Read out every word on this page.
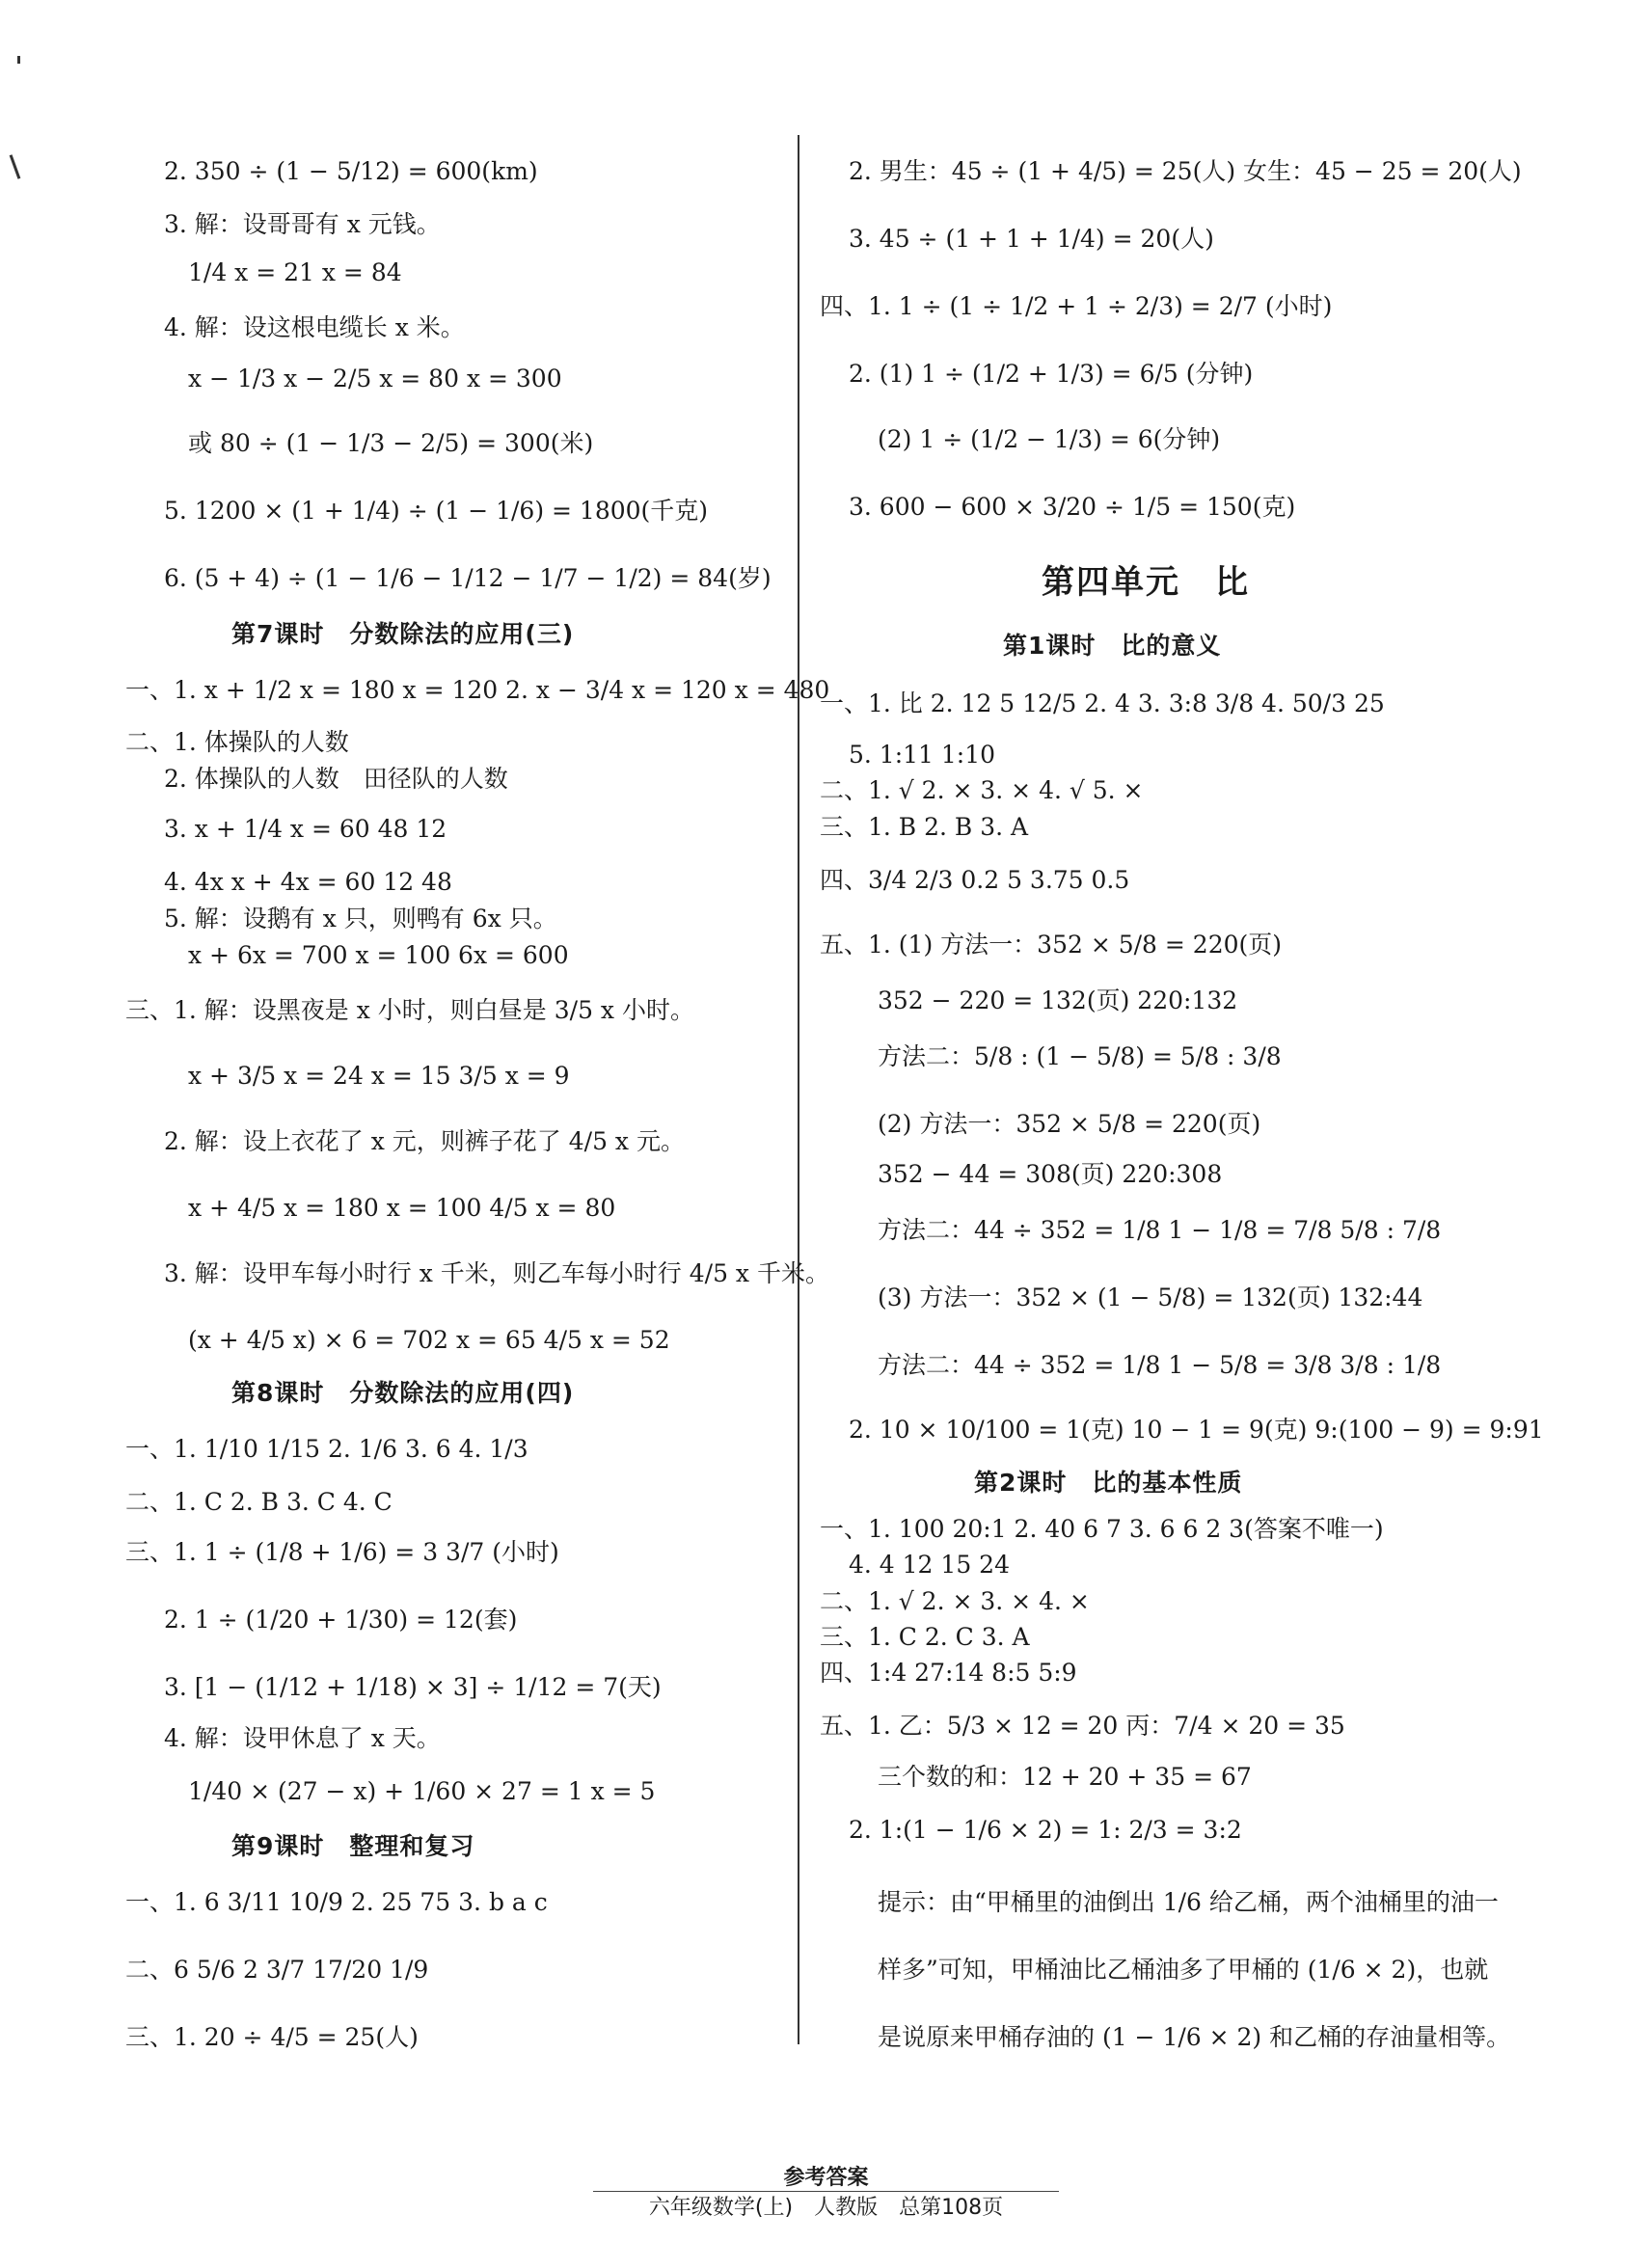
2. 350 ÷ (1 − 5/12) = 600(km)
3. 解：设哥哥有 x 元钱。
1/4 x = 21 x = 84
4. 解：设这根电缆长 x 米。
x − 1/3 x − 2/5 x = 80 x = 300
或 80 ÷ (1 − 1/3 − 2/5) = 300(米)
5. 1200 × (1 + 1/4) ÷ (1 − 1/6) = 1800(千克)
6. (5 + 4) ÷ (1 − 1/6 − 1/12 − 1/7 − 1/2) = 84(岁)
第7课时　分数除法的应用(三)
一、1. x + 1/2 x = 180 x = 120 2. x − 3/4 x = 120 x = 480
二、1. 体操队的人数
2. 体操队的人数　田径队的人数
3. x + 1/4 x = 60 48 12
4. 4x x + 4x = 60 12 48
5. 解：设鹅有 x 只，则鸭有 6x 只。
x + 6x = 700 x = 100 6x = 600
三、1. 解：设黑夜是 x 小时，则白昼是 3/5 x 小时。
x + 3/5 x = 24 x = 15 3/5 x = 9
2. 解：设上衣花了 x 元，则裤子花了 4/5 x 元。
x + 4/5 x = 180 x = 100 4/5 x = 80
3. 解：设甲车每小时行 x 千米，则乙车每小时行 4/5 x 千米。
(x + 4/5 x) × 6 = 702 x = 65 4/5 x = 52
第8课时　分数除法的应用(四)
一、1. 1/10 1/15 2. 1/6 3. 6 4. 1/3
二、1. C 2. B 3. C 4. C
三、1. 1 ÷ (1/8 + 1/6) = 3 3/7 (小时)
2. 1 ÷ (1/20 + 1/30) = 12(套)
3. [1 − (1/12 + 1/18) × 3] ÷ 1/12 = 7(天)
4. 解：设甲休息了 x 天。
1/40 × (27 − x) + 1/60 × 27 = 1 x = 5
第9课时　整理和复习
一、1. 6 3/11 10/9 2. 25 75 3. b a c
二、6 5/6 2 3/7 17/20 1/9
三、1. 20 ÷ 4/5 = 25(人)
2. 男生：45 ÷ (1 + 4/5) = 25(人) 女生：45 − 25 = 20(人)
3. 45 ÷ (1 + 1 + 1/4) = 20(人)
四、1. 1 ÷ (1 ÷ 1/2 + 1 ÷ 2/3) = 2/7 (小时)
2. (1) 1 ÷ (1/2 + 1/3) = 6/5 (分钟)
(2) 1 ÷ (1/2 − 1/3) = 6(分钟)
3. 600 − 600 × 3/20 ÷ 1/5 = 150(克)
第四单元　比
第1课时　比的意义
一、1. 比 2. 12 5 12/5 2. 4 3. 3:8 3/8 4. 50/3 25
5. 1:11 1:10
二、1. √ 2. × 3. × 4. √ 5. ×
三、1. B 2. B 3. A
四、3/4 2/3 0.2 5 3.75 0.5
五、1. (1) 方法一：352 × 5/8 = 220(页)
352 − 220 = 132(页) 220:132
方法二：5/8 : (1 − 5/8) = 5/8 : 3/8
(2) 方法一：352 × 5/8 = 220(页)
352 − 44 = 308(页) 220:308
方法二：44 ÷ 352 = 1/8 1 − 1/8 = 7/8 5/8 : 7/8
(3) 方法一：352 × (1 − 5/8) = 132(页) 132:44
方法二：44 ÷ 352 = 1/8 1 − 5/8 = 3/8 3/8 : 1/8
2. 10 × 10/100 = 1(克) 10 − 1 = 9(克) 9:(100 − 9) = 9:91
第2课时　比的基本性质
一、1. 100 20:1 2. 40 6 7 3. 6 6 2 3(答案不唯一)
4. 4 12 15 24
二、1. √ 2. × 3. × 4. ×
三、1. C 2. C 3. A
四、1:4 27:14 8:5 5:9
五、1. 乙：5/3 × 12 = 20 丙：7/4 × 20 = 35
三个数的和：12 + 20 + 35 = 67
2. 1:(1 − 1/6 × 2) = 1: 2/3 = 3:2
提示：由“甲桶里的油倒出 1/6 给乙桶，两个油桶里的油一
样多”可知，甲桶油比乙桶油多了甲桶的 (1/6 × 2)，也就
是说原来甲桶存油的 (1 − 1/6 × 2) 和乙桶的存油量相等。
参考答案
六年级数学(上)　人教版　总第108页
